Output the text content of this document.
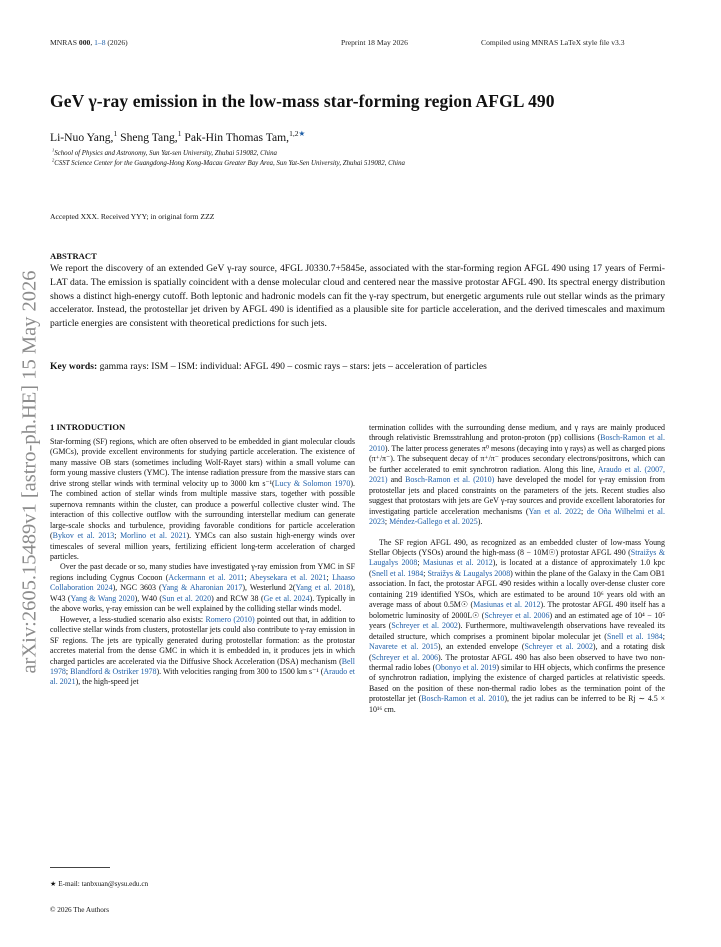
MNRAS 000, 1–8 (2026)	Preprint 18 May 2026	Compiled using MNRAS LaTeX style file v3.3
GeV γ-ray emission in the low-mass star-forming region AFGL 490
Li-Nuo Yang,$^1$ Sheng Tang,$^1$ Pak-Hin Thomas Tam,$^{1,2★}$
$^1$School of Physics and Astronomy, Sun Yat-sen University, Zhuhai 519082, China
$^2$CSST Science Center for the Guangdong-Hong Kong-Macau Greater Bay Area, Sun Yat-Sen University, Zhuhai 519082, China
Accepted XXX. Received YYY; in original form ZZZ
ABSTRACT
We report the discovery of an extended GeV γ-ray source, 4FGL J0330.7+5845e, associated with the star-forming region AFGL 490 using 17 years of Fermi-LAT data. The emission is spatially coincident with a dense molecular cloud and centered near the massive protostar AFGL 490. Its spectral energy distribution shows a distinct high-energy cutoff. Both leptonic and hadronic models can fit the γ-ray spectrum, but energetic arguments rule out stellar winds as the primary accelerator. Instead, the protostellar jet driven by AFGL 490 is identified as a plausible site for particle acceleration, and the derived timescales and maximum particle energies are consistent with theoretical predictions for such jets.
Key words: gamma rays: ISM – ISM: individual: AFGL 490 – cosmic rays – stars: jets – acceleration of particles
arXiv:2605.15489v1 [astro-ph.HE] 15 May 2026 1 INTRODUCTION

Star-forming (SF) regions, which are often observed to be embedded in giant molecular clouds (GMCs), provide excellent environments for studying particle acceleration. The existence of many massive OB stars (sometimes including Wolf-Rayet stars) within a small volume can form young massive clusters (YMC). The intense radiation pressure from the massive stars can drive strong stellar winds with terminal velocity up to 3000 km s⁻¹(Lucy & Solomon 1970). The combined action of stellar winds from multiple massive stars, together with possible supernova remnants within the cluster, can produce a powerful collective cluster wind. The interaction of this collective outflow with the surrounding interstellar medium can generate large-scale shocks and turbulence, providing favorable conditions for particle acceleration (Bykov et al. 2013; Morlino et al. 2021). YMCs can also sustain high-energy winds over timescales of several million years, fertilizing efficient long-term acceleration of charged particles.

Over the past decade or so, many studies have investigated γ-ray emission from YMC in SF regions including Cygnus Cocoon (Ackermann et al. 2011; Abeysekara et al. 2021; Lhaaso Collaboration 2024), NGC 3603 (Yang & Aharonian 2017), Westerlund 2(Yang et al. 2018), W43 (Yang & Wang 2020), W40 (Sun et al. 2020) and RCW 38 (Ge et al. 2024). Typically in the above works, γ-ray emission can be well explained by the colliding stellar winds model.

However, a less-studied scenario also exists: Romero (2010) pointed out that, in addition to collective stellar winds from clusters, protostellar jets could also contribute to γ-ray emission in SF regions. The jets are typically generated during protostellar formation: as the protostar accretes material from the dense GMC in which it is embedded in, it produces jets in which charged particles are accelerated via the Diffusive Shock Acceleration (DSA) mechanism (Bell 1978; Blandford & Ostriker 1978). With velocities ranging from 300 to 1500 km s⁻¹ (Araudo et al. 2021), the high-speed jet

termination collides with the surrounding dense medium, and γ rays are mainly produced through relativistic Bremsstrahlung and proton-proton (pp) collisions (Bosch-Ramon et al. 2010). The latter process generates π⁰ mesons (decaying into γ rays) as well as charged pions (π⁺/π⁻). The subsequent decay of π⁺/π⁻ produces secondary electrons/positrons, which can be further accelerated to emit synchrotron radiation. Along this line, Araudo et al. (2007, 2021) and Bosch-Ramon et al. (2010) have developed the model for γ-ray emission from protostellar jets and placed constraints on the parameters of the jets. Recent studies also suggest that protostars with jets are GeV γ-ray sources and provide excellent laboratories for investigating particle acceleration mechanisms (Yan et al. 2022; de Oña Wilhelmi et al. 2023; Méndez-Gallego et al. 2025).

The SF region AFGL 490, as recognized as an embedded cluster of low-mass Young Stellar Objects (YSOs) around the high-mass (8 − 10M☉) protostar AFGL 490 (Straižys & Laugalys 2008; Masiunas et al. 2012), is located at a distance of approximately 1.0 kpc (Snell et al. 1984; Straižys & Laugalys 2008) within the plane of the Galaxy in the Cam OB1 association. In fact, the protostar AFGL 490 resides within a locally over-dense cluster core containing 219 identified YSOs, which are estimated to be around 10⁶ years old with an average mass of about 0.5M☉ (Masiunas et al. 2012). The protostar AFGL 490 itself has a bolometric luminosity of 2000L☉ (Schreyer et al. 2006) and an estimated age of 10⁴ − 10⁵ years (Schreyer et al. 2002). Furthermore, multiwavelength observations have revealed its detailed structure, which comprises a prominent bipolar molecular jet (Snell et al. 1984; Navarete et al. 2015), an extended envelope (Schreyer et al. 2002), and a rotating disk (Schreyer et al. 2006). The protostar AFGL 490 has also been observed to have two non-thermal radio lobes (Obonyo et al. 2019) similar to HH objects, which confirms the presence of synchrotron radiation, implying the existence of charged particles at relativistic speeds. Based on the position of these non-thermal radio lobes as the termination point of the protostellar jet (Bosch-Ramon et al. 2010), the jet radius can be inferred to be Rj ∼ 4.5 × 10¹⁶ cm.

★ E-mail: tanbxuan@sysu.edu.cn
© 2026 The Authors
